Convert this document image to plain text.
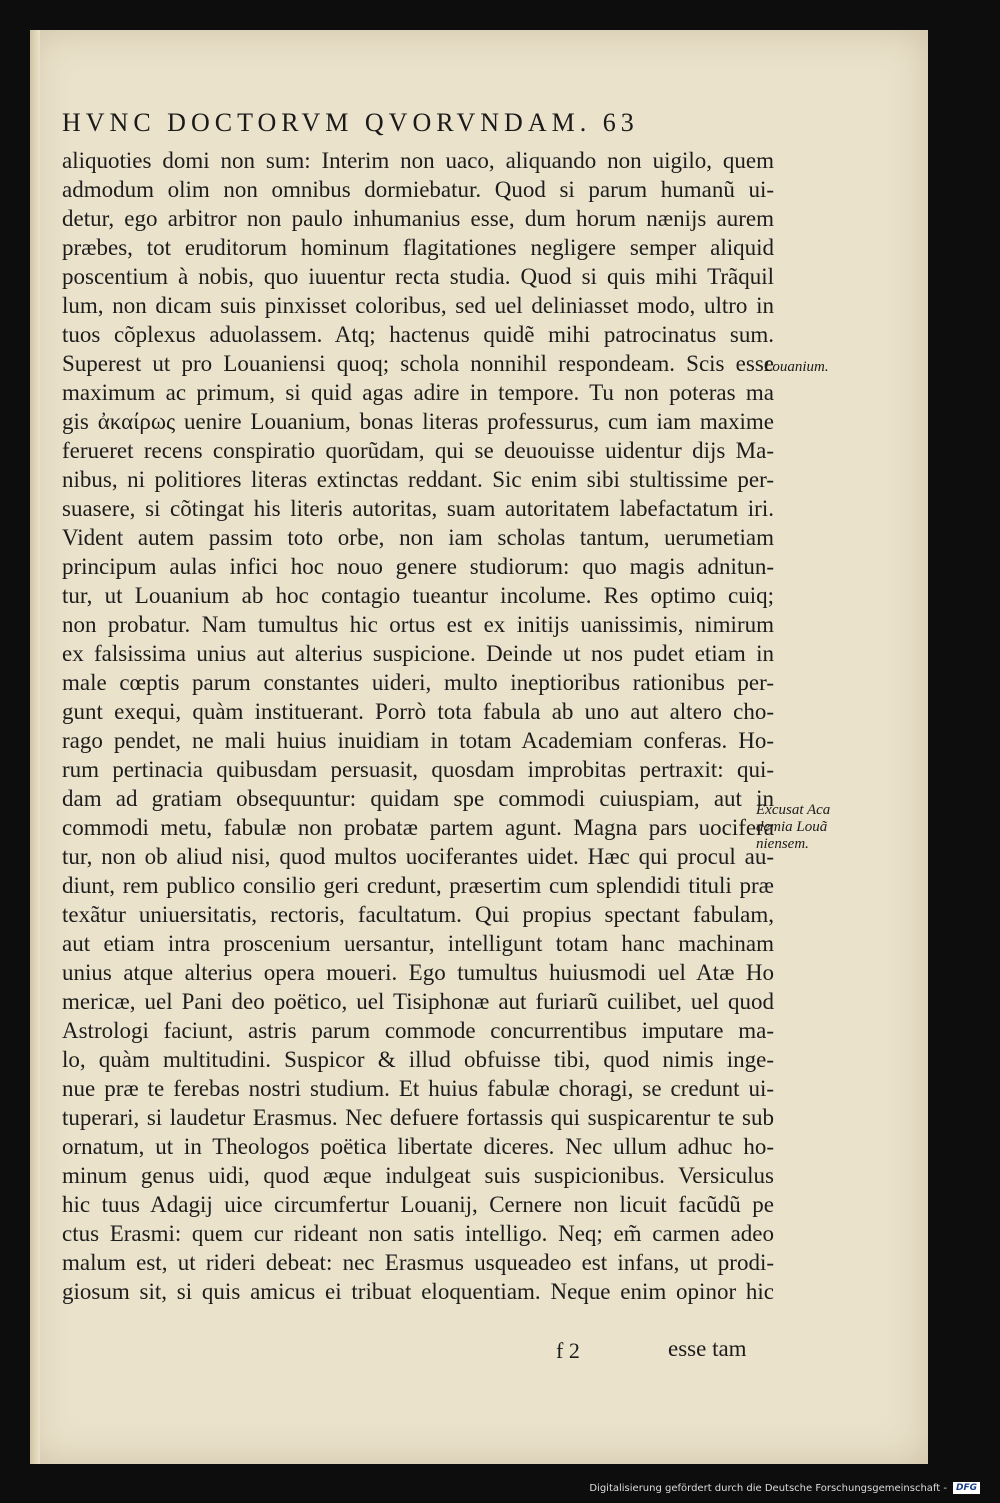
HVNC DOCTORVM QVORVNDAM. 63
aliquoties domi non sum: Interim non uaco, aliquando non uigilo, quem
admodum olim non omnibus dormiebatur. Quod si parum humanũ ui-
detur, ego arbitror non paulo inhumanius esse, dum horum nænijs aurem
præbes, tot eruditorum hominum flagitationes negligere semper aliquid
poscentium à nobis, quo iuuentur recta studia. Quod si quis mihi Trãquil
lum, non dicam suis pinxisset coloribus, sed uel deliniasset modo, ultro in
tuos cõplexus aduolassem. Atq; hactenus quidẽ mihi patrocinatus sum.
Superest ut pro Louaniensi quoq; schola nonnihil respondeam. Scis esse
maximum ac primum, si quid agas adire in tempore. Tu non poteras ma
gis ἀκαίρως uenire Louanium, bonas literas professurus, cum iam maxime
ferueret recens conspiratio quorũdam, qui se deuouisse uidentur dijs Ma-
nibus, ni politiores literas extinctas reddant. Sic enim sibi stultissime per-
suasere, si cõtingat his literis autoritas, suam autoritatem labefactatum iri.
Vident autem passim toto orbe, non iam scholas tantum, uerumetiam
principum aulas infici hoc nouo genere studiorum: quo magis adnitun-
tur, ut Louanium ab hoc contagio tueantur incolume. Res optimo cuiq;
non probatur. Nam tumultus hic ortus est ex initijs uanissimis, nimirum
ex falsissima unius aut alterius suspicione. Deinde ut nos pudet etiam in
male cœptis parum constantes uideri, multo ineptioribus rationibus per-
gunt exequi, quàm instituerant. Porrò tota fabula ab uno aut altero cho-
rago pendet, ne mali huius inuidiam in totam Academiam conferas. Ho-
rum pertinacia quibusdam persuasit, quosdam improbitas pertraxit: qui-
dam ad gratiam obsequuntur: quidam spe commodi cuiuspiam, aut in
commodi metu, fabulæ non probatæ partem agunt. Magna pars uocifera
tur, non ob aliud nisi, quod multos uociferantes uidet. Hæc qui procul au-
diunt, rem publico consilio geri credunt, præsertim cum splendidi tituli præ
texãtur uniuersitatis, rectoris, facultatum. Qui propius spectant fabulam,
aut etiam intra proscenium uersantur, intelligunt totam hanc machinam
unius atque alterius opera moueri. Ego tumultus huiusmodi uel Atæ Ho
mericæ, uel Pani deo poëtico, uel Tisiphonæ aut furiarũ cuilibet, uel quod
Astrologi faciunt, astris parum commode concurrentibus imputare ma-
lo, quàm multitudini. Suspicor & illud obfuisse tibi, quod nimis inge-
nue præ te ferebas nostri studium. Et huius fabulæ choragi, se credunt ui-
tuperari, si laudetur Erasmus. Nec defuere fortassis qui suspicarentur te sub
ornatum, ut in Theologos poëtica libertate diceres. Nec ullum adhuc ho-
minum genus uidi, quod æque indulgeat suis suspicionibus. Versiculus
hic tuus Adagij uice circumfertur Louanij, Cernere non licuit facũdũ pe
ctus Erasmi: quem cur rideant non satis intelligo. Neq; em̃ carmen adeo
malum est, ut rideri debeat: nec Erasmus usqueadeo est infans, ut prodi-
giosum sit, si quis amicus ei tribuat eloquentiam. Neque enim opinor hic
Louanium.
Excusat Aca
demia Louã
niensem.
f 2	esse tam
Digitalisierung gefördert durch die Deutsche Forschungsgemeinschaft -	DFG
